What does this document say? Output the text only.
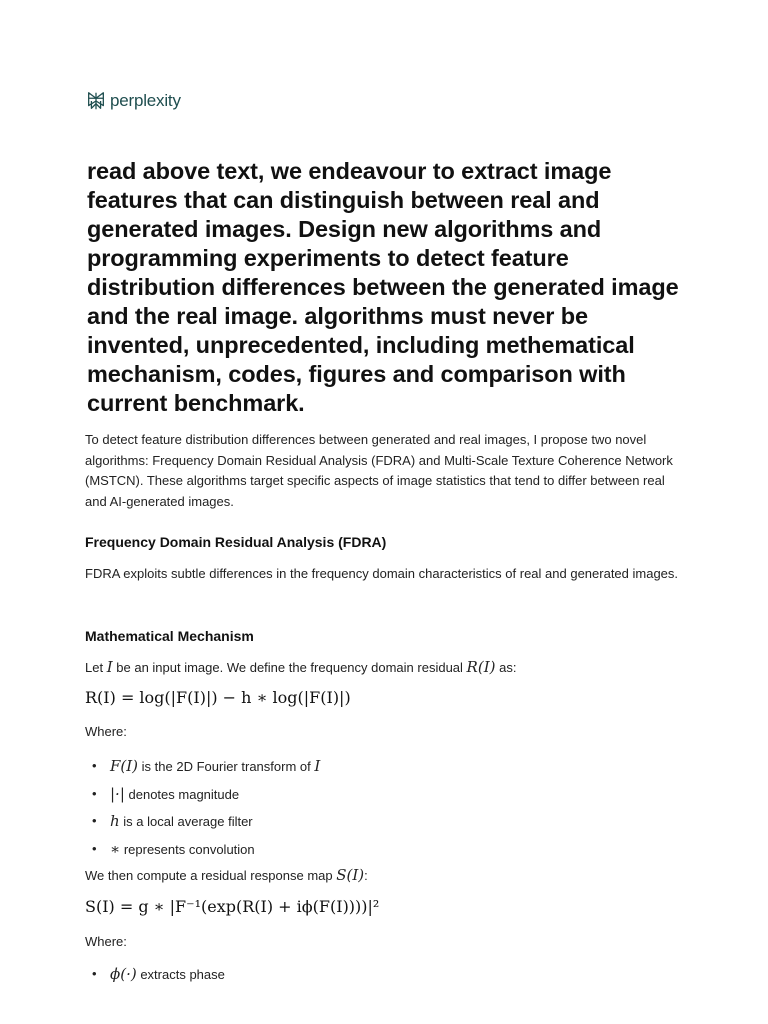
perplexity
read above text, we endeavour to extract image features that can distinguish between real and generated images. Design new algorithms and programming experiments to detect feature distribution differences between the generated image and the real image. algorithms must never be invented, unprecedented, including methematical mechanism, codes, figures and comparison with current benchmark.

To detect feature distribution differences between generated and real images, I propose two novel algorithms: Frequency Domain Residual Analysis (FDRA) and Multi-Scale Texture Coherence Network (MSTCN). These algorithms target specific aspects of image statistics that tend to differ between real and AI-generated images.

Frequency Domain Residual Analysis (FDRA)

FDRA exploits subtle differences in the frequency domain characteristics of real and generated images.

Mathematical Mechanism

Let I be an input image. We define the frequency domain residual R(I) as:

R(I) = log(|F(I)|) − h ∗ log(|F(I)|)

Where:

• F(I) is the 2D Fourier transform of I
• |·| denotes magnitude
• h is a local average filter
• ∗ represents convolution

We then compute a residual response map S(I):

S(I) = g ∗ |F⁻¹(exp(R(I) + iϕ(F(I))))|²

Where:

• ϕ(·) extracts phase
